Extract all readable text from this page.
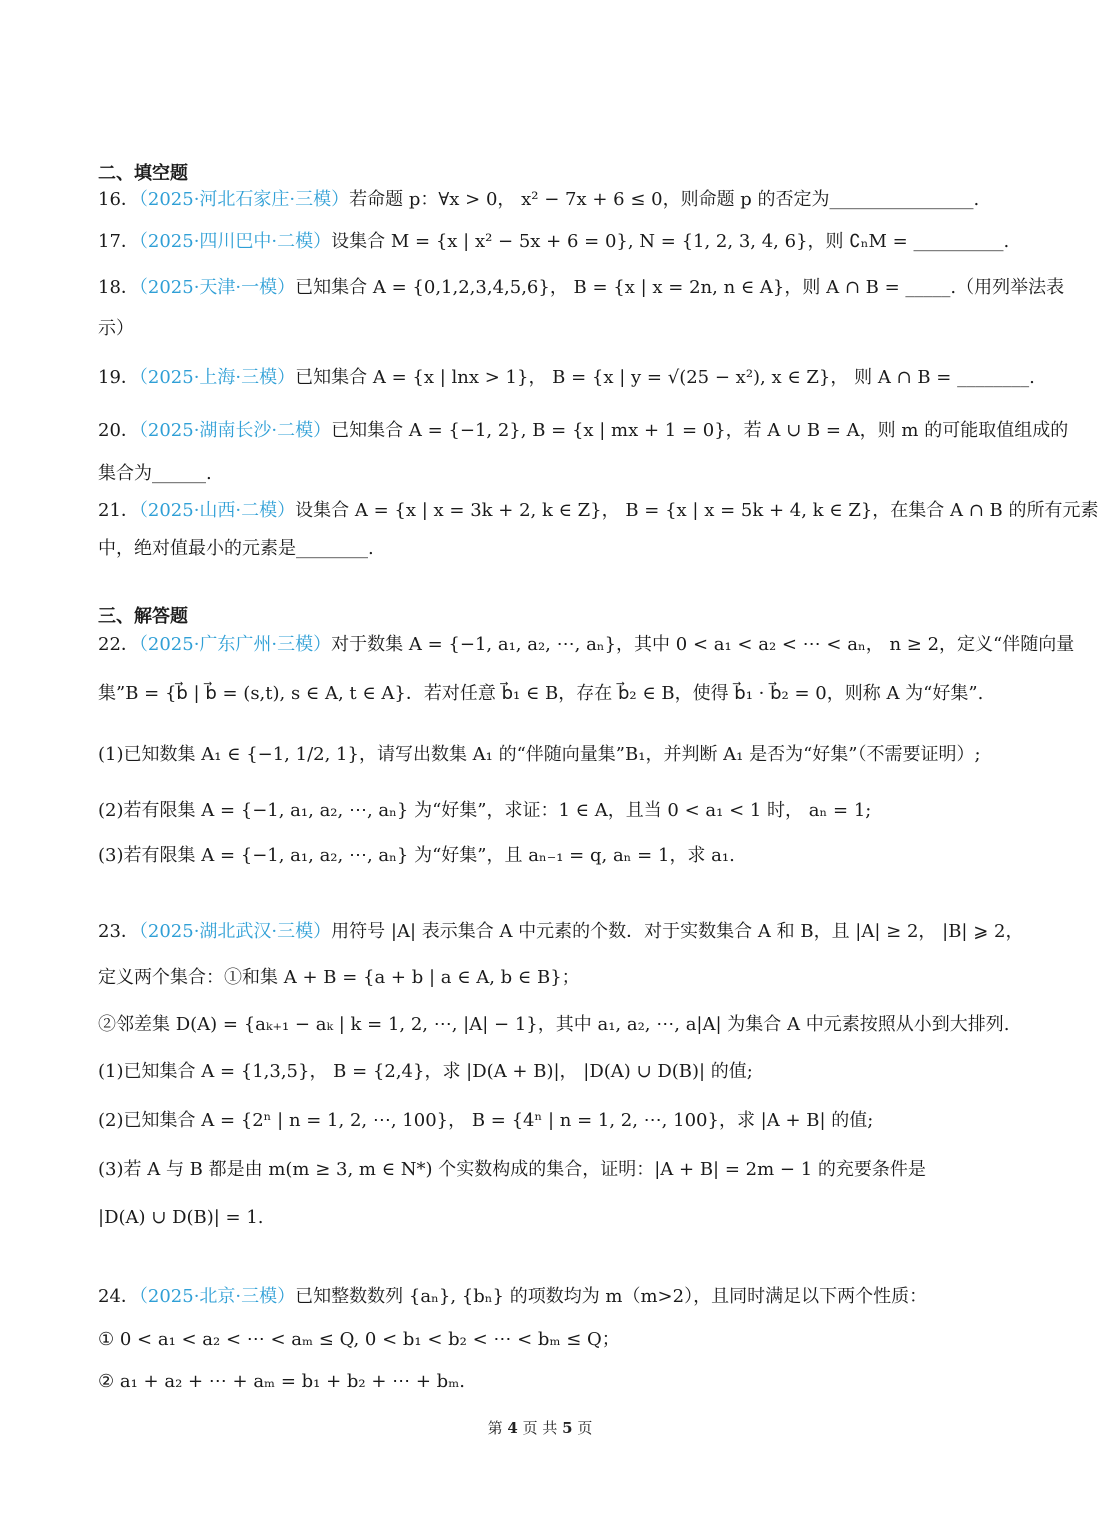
二、填空题
16．（2025·河北石家庄·三模）若命题 p：∀x > 0， x² − 7x + 6 ≤ 0，则命题 p 的否定为________________.
17．（2025·四川巴中·二模）设集合 M = {x | x² − 5x + 6 = 0}, N = {1, 2, 3, 4, 6}，则 ∁ₙM = __________.
18．（2025·天津·一模）已知集合 A = {0,1,2,3,4,5,6}， B = {x | x = 2n, n ∈ A}，则 A ∩ B = _____.（用列举法表
示）
19．（2025·上海·三模）已知集合 A = {x | lnx > 1}， B = {x | y = √(25 − x²), x ∈ Z}， 则 A ∩ B = ________.
20．（2025·湖南长沙·二模）已知集合 A = {−1, 2}, B = {x | mx + 1 = 0}，若 A ∪ B = A，则 m 的可能取值组成的
集合为______.
21．（2025·山西·二模）设集合 A = {x | x = 3k + 2, k ∈ Z}， B = {x | x = 5k + 4, k ∈ Z}，在集合 A ∩ B 的所有元素
中，绝对值最小的元素是________.
三、解答题
22．（2025·广东广州·三模）对于数集 A = {−1, a₁, a₂, ⋯, aₙ}，其中 0 < a₁ < a₂ < ⋯ < aₙ， n ≥ 2，定义“伴随向量
集”B = {b⃗ | b⃗ = (s,t), s ∈ A, t ∈ A}．若对任意 b⃗₁ ∈ B，存在 b⃗₂ ∈ B，使得 b⃗₁ · b⃗₂ = 0，则称 A 为“好集”.
(1)已知数集 A₁ ∈ {−1, 1/2, 1}，请写出数集 A₁ 的“伴随向量集”B₁，并判断 A₁ 是否为“好集”（不需要证明）;
(2)若有限集 A = {−1, a₁, a₂, ⋯, aₙ} 为“好集”，求证：1 ∈ A，且当 0 < a₁ < 1 时， aₙ = 1;
(3)若有限集 A = {−1, a₁, a₂, ⋯, aₙ} 为“好集”，且 aₙ₋₁ = q, aₙ = 1，求 a₁.
23．（2025·湖北武汉·三模）用符号 |A| 表示集合 A 中元素的个数．对于实数集合 A 和 B，且 |A| ≥ 2， |B| ⩾ 2，
定义两个集合：①和集 A + B = {a + b | a ∈ A, b ∈ B}；
②邻差集 D(A) = {aₖ₊₁ − aₖ | k = 1, 2, ⋯, |A| − 1}，其中 a₁, a₂, ⋯, a|A| 为集合 A 中元素按照从小到大排列.
(1)已知集合 A = {1,3,5}， B = {2,4}，求 |D(A + B)|， |D(A) ∪ D(B)| 的值;
(2)已知集合 A = {2ⁿ | n = 1, 2, ⋯, 100}， B = {4ⁿ | n = 1, 2, ⋯, 100}，求 |A + B| 的值;
(3)若 A 与 B 都是由 m(m ≥ 3, m ∈ N*) 个实数构成的集合，证明：|A + B| = 2m − 1 的充要条件是
|D(A) ∪ D(B)| = 1.
24．（2025·北京·三模）已知整数数列 {aₙ}, {bₙ} 的项数均为 m（m>2），且同时满足以下两个性质：
① 0 < a₁ < a₂ < ⋯ < aₘ ≤ Q, 0 < b₁ < b₂ < ⋯ < bₘ ≤ Q；
② a₁ + a₂ + ⋯ + aₘ = b₁ + b₂ + ⋯ + bₘ.
第 4 页 共 5 页
